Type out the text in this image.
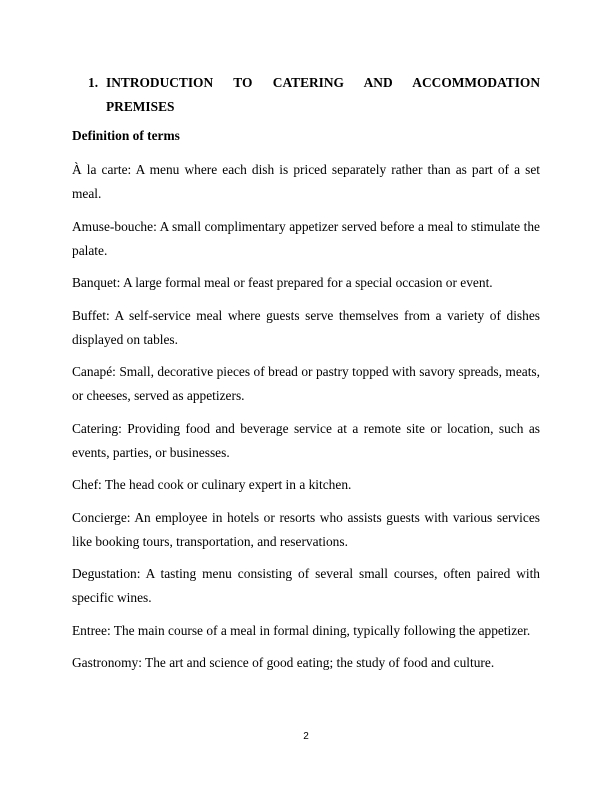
1. INTRODUCTION TO CATERING AND ACCOMMODATION
PREMISES
Definition of terms
À la carte: A menu where each dish is priced separately rather than as part of a set meal.
Amuse-bouche: A small complimentary appetizer served before a meal to stimulate the palate.
Banquet: A large formal meal or feast prepared for a special occasion or event.
Buffet: A self-service meal where guests serve themselves from a variety of dishes displayed on tables.
Canapé: Small, decorative pieces of bread or pastry topped with savory spreads, meats, or cheeses, served as appetizers.
Catering: Providing food and beverage service at a remote site or location, such as events, parties, or businesses.
Chef: The head cook or culinary expert in a kitchen.
Concierge: An employee in hotels or resorts who assists guests with various services like booking tours, transportation, and reservations.
Degustation: A tasting menu consisting of several small courses, often paired with specific wines.
Entree: The main course of a meal in formal dining, typically following the appetizer.
Gastronomy: The art and science of good eating; the study of food and culture.
2
